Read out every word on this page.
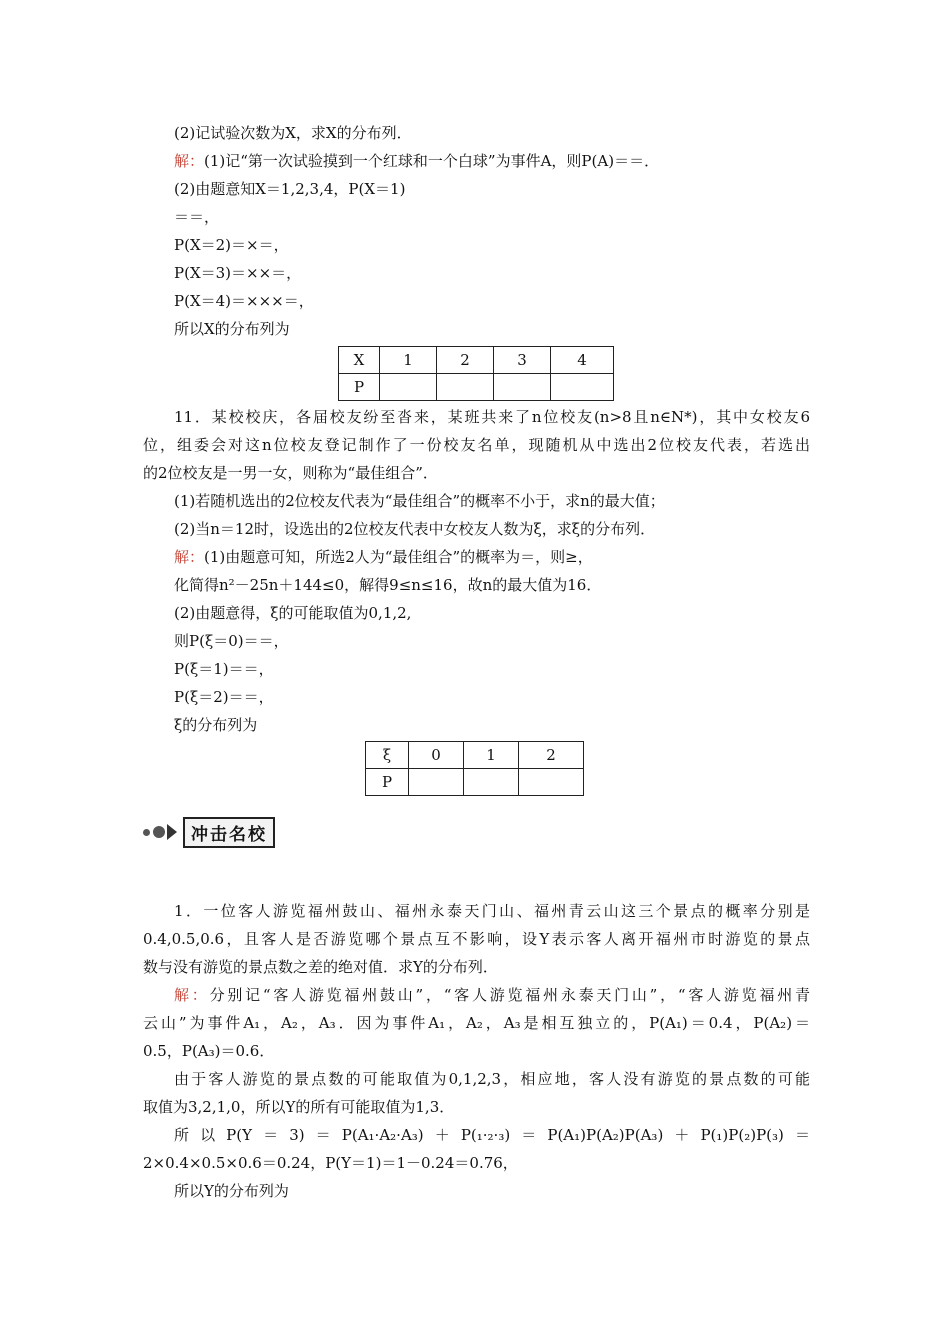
(2)记试验次数为X，求X的分布列．
解：(1)记“第一次试验摸到一个红球和一个白球”为事件A，则P(A)＝＝．
(2)由题意知X＝1,2,3,4，P(X＝1)
＝＝，
P(X＝2)＝×＝，
P(X＝3)＝××＝，
P(X＝4)＝×××＝，
所以X的分布列为
X	1	2	3	4
P				
11．某校校庆，各届校友纷至沓来，某班共来了n位校友(n>8且n∈N*)，其中女校友6
位，组委会对这n位校友登记制作了一份校友名单，现随机从中选出2位校友代表，若选出
的2位校友是一男一女，则称为“最佳组合”．
(1)若随机选出的2位校友代表为“最佳组合”的概率不小于，求n的最大值；
(2)当n＝12时，设选出的2位校友代表中女校友人数为ξ，求ξ的分布列．
解：(1)由题意可知，所选2人为“最佳组合”的概率为＝，则≥，
化简得n²－25n＋144≤0，解得9≤n≤16，故n的最大值为16．
(2)由题意得，ξ的可能取值为0,1,2,
则P(ξ＝0)＝＝，
P(ξ＝1)＝＝，
P(ξ＝2)＝＝，
ξ的分布列为
ξ	0	1	2
P			
冲击名校
1．一位客人游览福州鼓山、福州永泰天门山、福州青云山这三个景点的概率分别是
0.4,0.5,0.6，且客人是否游览哪个景点互不影响，设Y表示客人离开福州市时游览的景点
数与没有游览的景点数之差的绝对值．求Y的分布列．
解：分别记“客人游览福州鼓山”，“客人游览福州永泰天门山”，“客人游览福州青
云山”为事件A₁，A₂，A₃．因为事件A₁，A₂，A₃是相互独立的，P(A₁)＝0.4，P(A₂)＝
0.5，P(A₃)＝0.6．
由于客人游览的景点数的可能取值为0,1,2,3，相应地，客人没有游览的景点数的可能
取值为3,2,1,0，所以Y的所有可能取值为1,3．
所以P(Y＝3)＝P(A₁·A₂·A₃)＋P(₁·₂·₃)＝P(A₁)P(A₂)P(A₃)＋P(₁)P(₂)P(₃)＝
2×0.4×0.5×0.6＝0.24，P(Y＝1)＝1－0.24＝0.76，
所以Y的分布列为
